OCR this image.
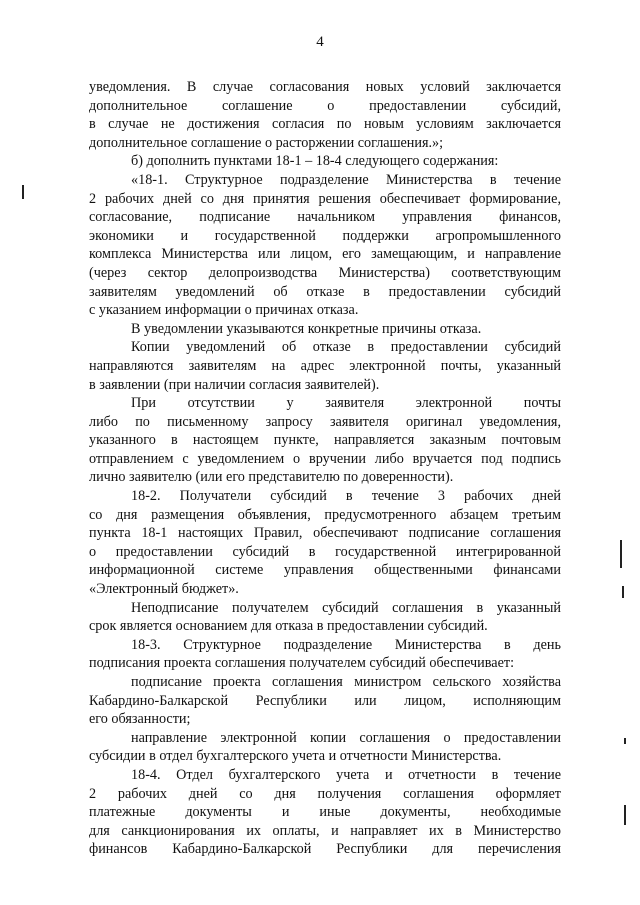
4
уведомления. В случае согласования новых условий заключается
дополнительное соглашение о предоставлении субсидий,
в случае не достижения согласия по новым условиям заключается
дополнительное соглашение о расторжении соглашения.»;
б) дополнить пунктами 18-1 – 18-4 следующего содержания:
«18-1. Структурное подразделение Министерства в течение
2 рабочих дней со дня принятия решения обеспечивает формирование,
согласование, подписание начальником управления финансов,
экономики и государственной поддержки агропромышленного
комплекса Министерства или лицом, его замещающим, и направление
(через сектор делопроизводства Министерства) соответствующим
заявителям уведомлений об отказе в предоставлении субсидий
с указанием информации о причинах отказа.
В уведомлении указываются конкретные причины отказа.
Копии уведомлений об отказе в предоставлении субсидий
направляются заявителям на адрес электронной почты, указанный
в заявлении (при наличии согласия заявителей).
При отсутствии у заявителя электронной почты
либо по письменному запросу заявителя оригинал уведомления,
указанного в настоящем пункте, направляется заказным почтовым
отправлением с уведомлением о вручении либо вручается под подпись
лично заявителю (или его представителю по доверенности).
18-2. Получатели субсидий в течение 3 рабочих дней
со дня размещения объявления, предусмотренного абзацем третьим
пункта 18-1 настоящих Правил, обеспечивают подписание соглашения
о предоставлении субсидий в государственной интегрированной
информационной системе управления общественными финансами
«Электронный бюджет».
Неподписание получателем субсидий соглашения в указанный
срок является основанием для отказа в предоставлении субсидий.
18-3. Структурное подразделение Министерства в день
подписания проекта соглашения получателем субсидий обеспечивает:
подписание проекта соглашения министром сельского хозяйства
Кабардино-Балкарской Республики или лицом, исполняющим
его обязанности;
направление электронной копии соглашения о предоставлении
субсидии в отдел бухгалтерского учета и отчетности Министерства.
18-4. Отдел бухгалтерского учета и отчетности в течение
2 рабочих дней со дня получения соглашения оформляет
платежные документы и иные документы, необходимые
для санкционирования их оплаты, и направляет их в Министерство
финансов Кабардино-Балкарской Республики для перечисления
